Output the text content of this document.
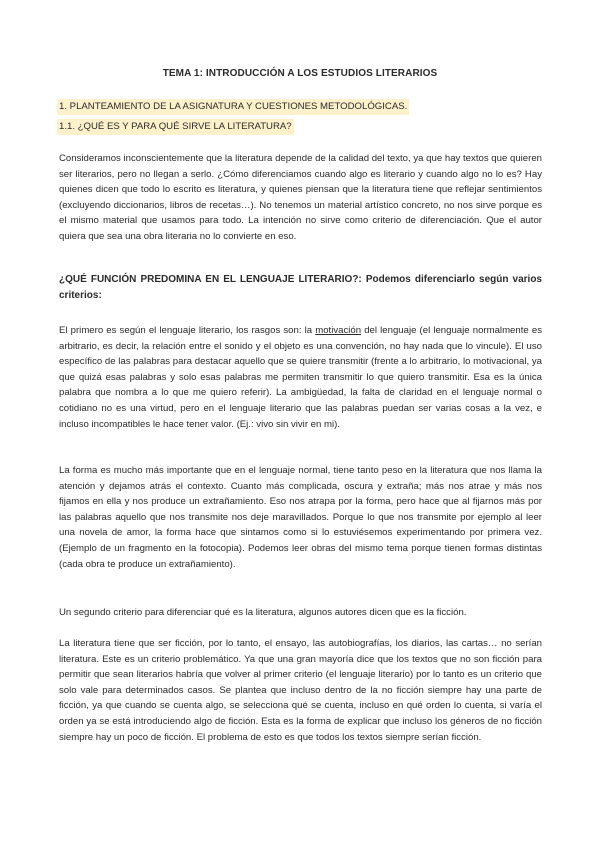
TEMA 1: INTRODUCCIÓN A LOS ESTUDIOS LITERARIOS
1. PLANTEAMIENTO DE LA ASIGNATURA Y CUESTIONES METODOLÓGICAS.
1.1. ¿QUÉ ES Y PARA QUÉ SIRVE LA LITERATURA?

Consideramos inconscientemente que la literatura depende de la calidad del texto, ya que hay textos que quieren ser literarios, pero no llegan a serlo. ¿Cómo diferenciamos cuando algo es literario y cuando algo no lo es? Hay quienes dicen que todo lo escrito es literatura, y quienes piensan que la literatura tiene que reflejar sentimientos (excluyendo diccionarios, libros de recetas…). No tenemos un material artístico concreto, no nos sirve porque es el mismo material que usamos para todo. La intención no sirve como criterio de diferenciación. Que el autor quiera que sea una obra literaria no lo convierte en eso.

¿QUÉ FUNCIÓN PREDOMINA EN EL LENGUAJE LITERARIO?: Podemos diferenciarlo según varios criterios:

El primero es según el lenguaje literario, los rasgos son: la motivación del lenguaje (el lenguaje normalmente es arbitrario, es decir, la relación entre el sonido y el objeto es una convención, no hay nada que lo vincule). El uso específico de las palabras para destacar aquello que se quiere transmitir (frente a lo arbitrario, lo motivacional, ya que quizá esas palabras y solo esas palabras me permiten transmitir lo que quiero transmitir. Esa es la única palabra que nombra a lo que me quiero referir). La ambigüedad, la falta de claridad en el lenguaje normal o cotidiano no es una virtud, pero en el lenguaje literario que las palabras puedan ser varias cosas a la vez, e incluso incompatibles le hace tener valor. (Ej.: vivo sin vivir en mi).

La forma es mucho más importante que en el lenguaje normal, tiene tanto peso en la literatura que nos llama la atención y dejamos atrás el contexto. Cuanto más complicada, oscura y extraña; más nos atrae y más nos fijamos en ella y nos produce un extrañamiento. Eso nos atrapa por la forma, pero hace que al fijarnos más por las palabras aquello que nos transmite nos deje maravillados. Porque lo que nos transmite por ejemplo al leer una novela de amor, la forma hace que sintamos como si lo estuviésemos experimentando por primera vez. (Ejemplo de un fragmento en la fotocopia). Podemos leer obras del mismo tema porque tienen formas distintas (cada obra te produce un extrañamiento).

Un segundo criterio para diferenciar qué es la literatura, algunos autores dicen que es la ficción.

La literatura tiene que ser ficción, por lo tanto, el ensayo, las autobiografías, los diarios, las cartas… no serían literatura. Este es un criterio problemático. Ya que una gran mayoría dice que los textos que no son ficción para permitir que sean literarios habría que volver al primer criterio (el lenguaje literario) por lo tanto es un criterio que solo vale para determinados casos. Se plantea que incluso dentro de la no ficción siempre hay una parte de ficción, ya que cuando se cuenta algo, se selecciona qué se cuenta, incluso en qué orden lo cuenta, si varía el orden ya se está introduciendo algo de ficción. Esta es la forma de explicar que incluso los géneros de no ficción siempre hay un poco de ficción. El problema de esto es que todos los textos siempre serían ficción.
